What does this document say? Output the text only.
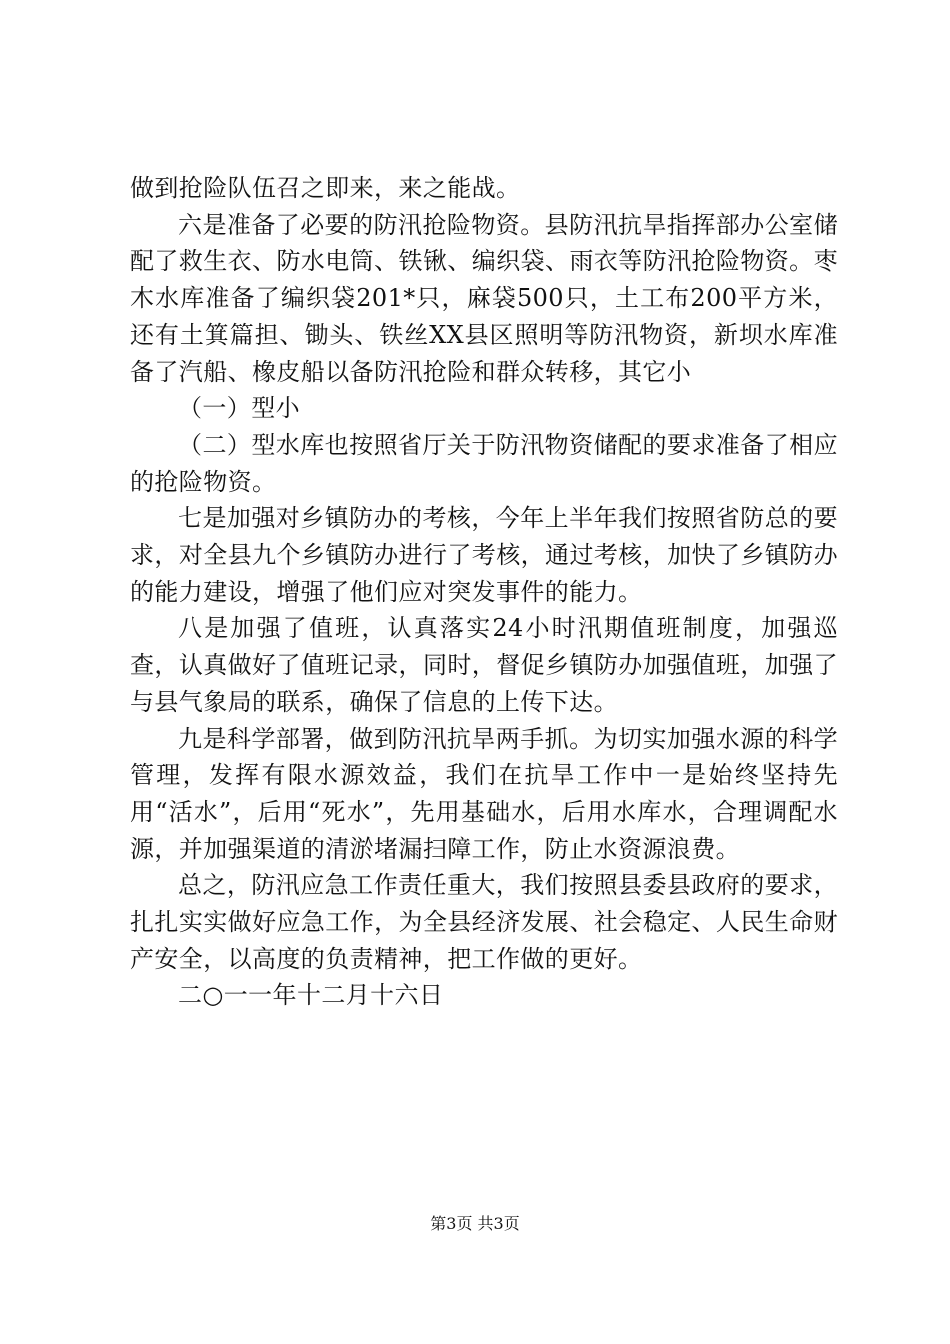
做到抢险队伍召之即来，来之能战。

六是准备了必要的防汛抢险物资。县防汛抗旱指挥部办公室储配了救生衣、防水电筒、铁锹、编织袋、雨衣等防汛抢险物资。枣木水库准备了编织袋201*只，麻袋500只，土工布200平方米，还有土箕篇担、锄头、铁丝XX县区照明等防汛物资，新坝水库准备了汽船、橡皮船以备防汛抢险和群众转移，其它小

（一）型小

（二）型水库也按照省厅关于防汛物资储配的要求准备了相应的抢险物资。

七是加强对乡镇防办的考核，今年上半年我们按照省防总的要求，对全县九个乡镇防办进行了考核，通过考核，加快了乡镇防办的能力建设，增强了他们应对突发事件的能力。

八是加强了值班，认真落实24小时汛期值班制度，加强巡查，认真做好了值班记录，同时，督促乡镇防办加强值班，加强了与县气象局的联系，确保了信息的上传下达。

九是科学部署，做到防汛抗旱两手抓。为切实加强水源的科学管理，发挥有限水源效益，我们在抗旱工作中一是始终坚持先用“活水”，后用“死水”，先用基础水，后用水库水，合理调配水源，并加强渠道的清淤堵漏扫障工作，防止水资源浪费。

总之，防汛应急工作责任重大，我们按照县委县政府的要求，扎扎实实做好应急工作，为全县经济发展、社会稳定、人民生命财产安全，以高度的负责精神，把工作做的更好。

二○一一年十二月十六日

第3页 共3页
